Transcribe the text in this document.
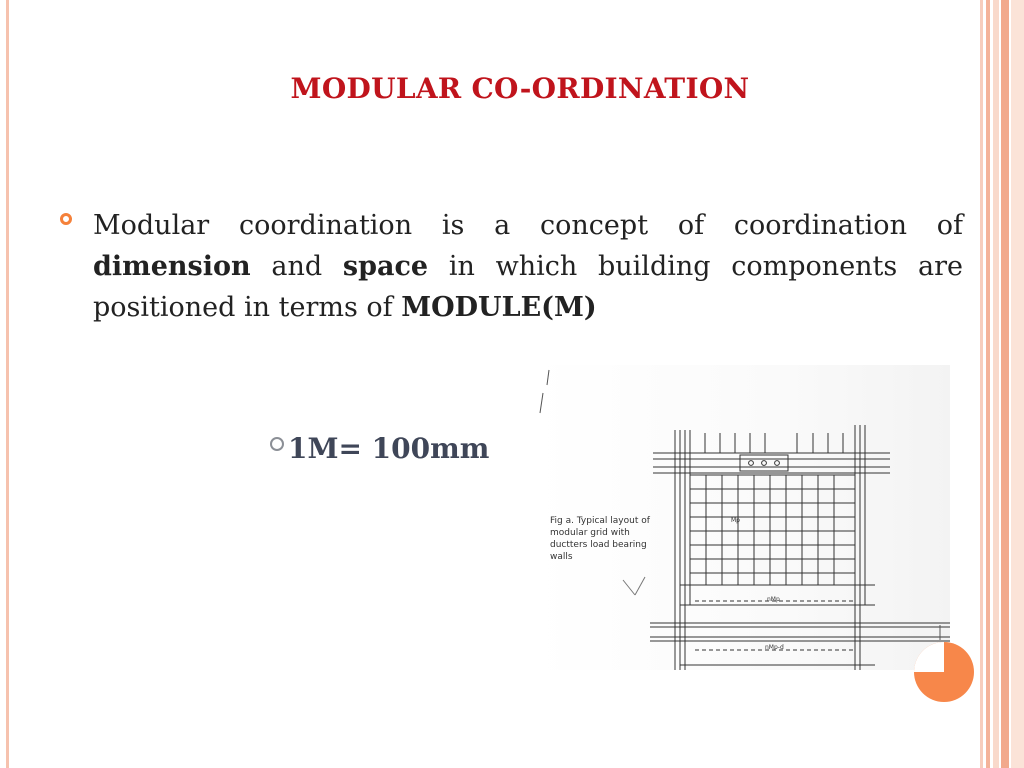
MODULAR CO-ORDINATION
Modular coordination is a concept of coordination of dimension and space in which building components are positioned in terms of MODULE(M)
1M= 100mm
Fig a. Typical layout of
modular grid with
ductters load bearing
walls
Mp
nMp
nMp-d
